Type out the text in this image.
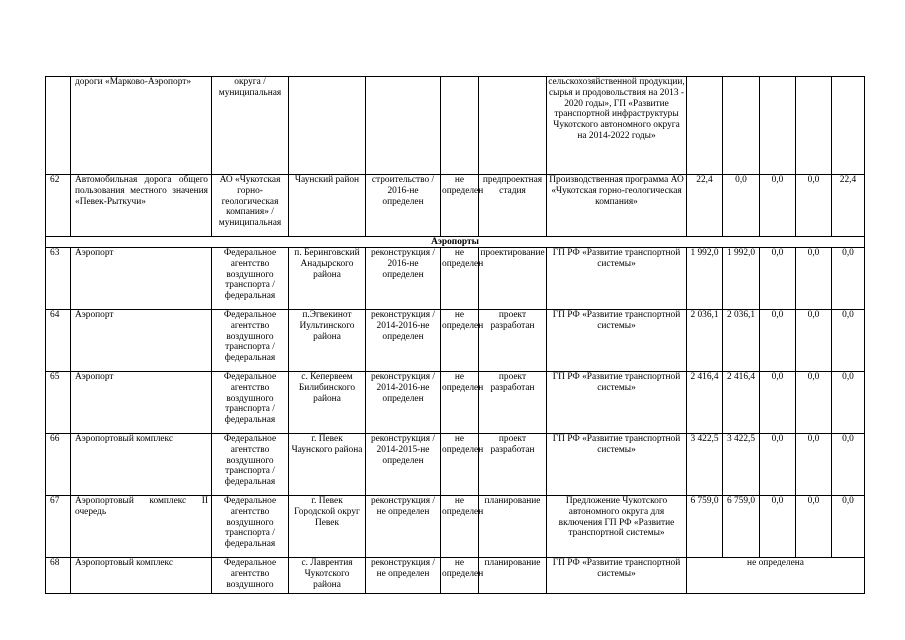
	дороги «Марково-Аэропорт»	округа / муниципальная					сельскохозяйственной продукции, сырья и продовольствия на 2013 - 2020 годы», ГП «Развитие транспортной инфраструктуры Чукотского автономного округа на 2014-2022 годы»					
62	Автомобильная дорога общего пользования местного значения «Певек-Рыткучи»	АО «Чукотская горно-геологическая компания» / муниципальная	Чаунский район	строительство / 2016-не определен	не определен	предпроектная стадия	Производственная программа АО «Чукотская горно-геологическая компания»	22,4	0,0	0,0	0,0	22,4
Аэропорты												
63	Аэропорт	Федеральное агентство воздушного транспорта / федеральная	п. Беринговский Анадырского района	реконструкция / 2016-не определен	не определен	проектирование	ГП РФ «Развитие транспортной системы»	1 992,0	1 992,0	0,0	0,0	0,0
64	Аэропорт	Федеральное агентство воздушного транспорта / федеральная	п.Эгвекинот Иультинского района	реконструкция / 2014-2016-не определен	не определен	проект разработан	ГП РФ «Развитие транспортной системы»	2 036,1	2 036,1	0,0	0,0	0,0
65	Аэропорт	Федеральное агентство воздушного транспорта / федеральная	с. Кепервеем Билибинского района	реконструкция / 2014-2016-не определен	не определен	проект разработан	ГП РФ «Развитие транспортной системы»	2 416,4	2 416,4	0,0	0,0	0,0
66	Аэропортовый комплекс	Федеральное агентство воздушного транспорта / федеральная	г. Певек Чаунского района	реконструкция / 2014-2015-не определен	не определен	проект разработан	ГП РФ «Развитие транспортной системы»	3 422,5	3 422,5	0,0	0,0	0,0
67	Аэропортовый комплекс II очередь	Федеральное агентство воздушного транспорта / федеральная	г. Певек Городской округ Певек	реконструкция / не определен	не определен	планирование	Предложение Чукотского автономного округа для включения ГП РФ «Развитие транспортной системы»	6 759,0	6 759,0	0,0	0,0	0,0
68	Аэропортовый комплекс	Федеральное агентство воздушного	с. Лаврентия Чукотского района	реконструкция / не определен	не определен	планирование	ГП РФ «Развитие транспортной системы»	не определена				
